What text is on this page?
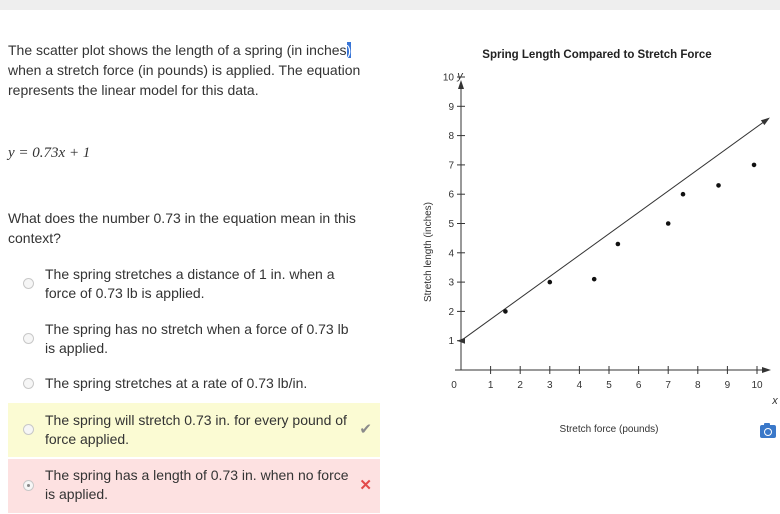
The scatter plot shows the length of a spring (in inches) when a stretch force (in pounds) is applied. The equation represents the linear model for this data.

y = 0.73x + 1
What does the number 0.73 in the equation mean in this context?
The spring stretches a distance of 1 in. when a force of 0.73 lb is applied.
The spring has no stretch when a force of 0.73 lb is applied.
The spring stretches at a rate of 0.73 lb/in.
The spring will stretch 0.73 in. for every pound of force applied.
✔
The spring has a length of 0.73 in. when no force is applied.	✕
Spring Length Compared to Stretch Force
y
x
Stretch length (inches)
Stretch force (pounds)
1
2
3
4
5
6
7
8
9
10
0	1 2 3 4 5 6 7 8 9 10
